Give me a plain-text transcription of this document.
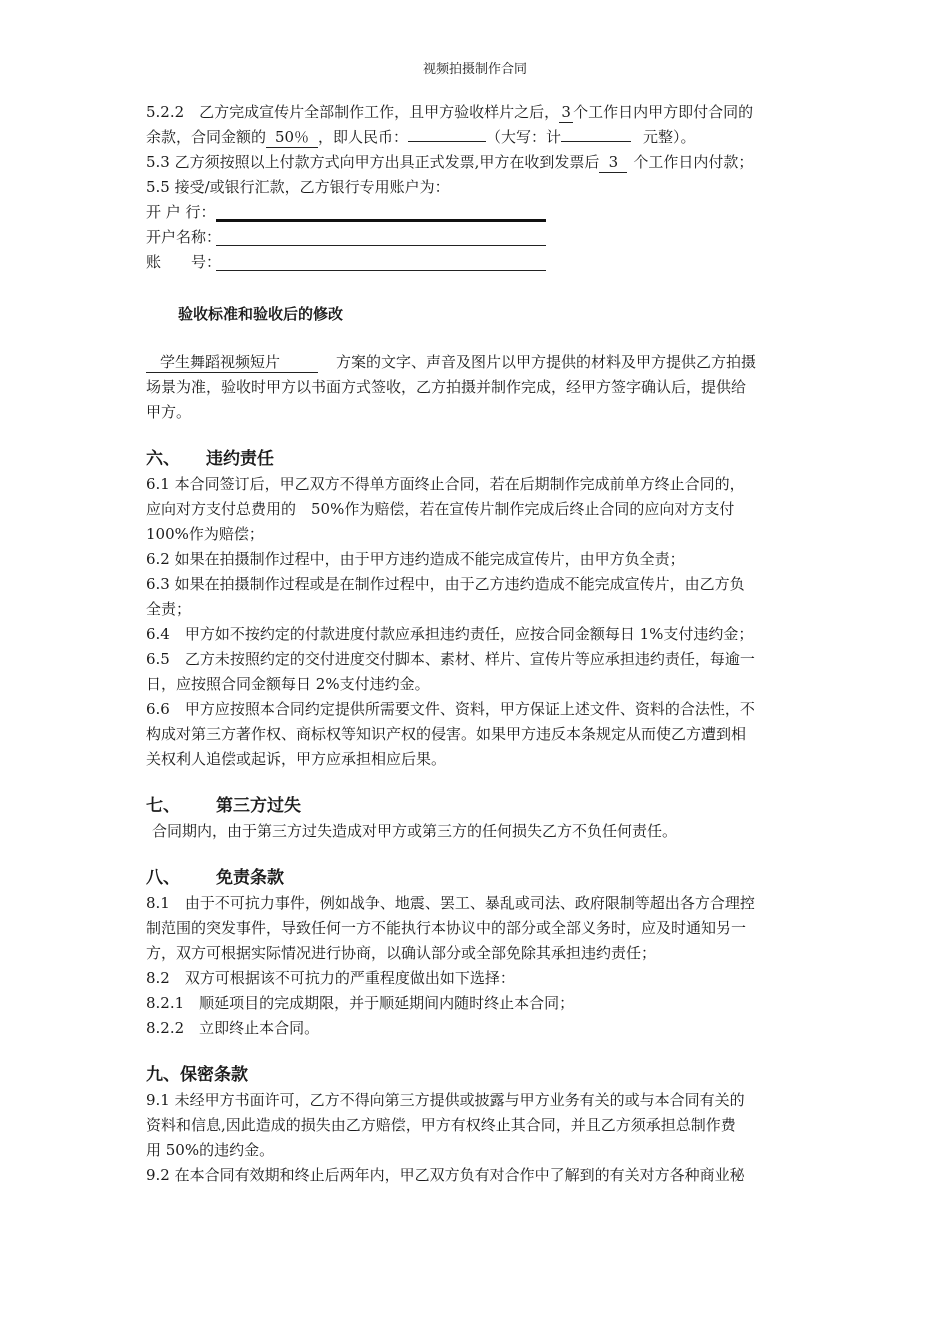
视频拍摄制作合同
5.2.2　乙方完成宣传片全部制作工作，且甲方验收样片之后， 3 个工作日内甲方即付合同的
余款，合同金额的 50％ ，即人民币：	（大写：计	元整）。
5.3 乙方须按照以上付款方式向甲方出具正式发票,甲方在收到发票后 3 个工作日内付款；
5.5 接受/或银行汇款，乙方银行专用账户为：
开 户 行：
开户名称：
账　　号：
验收标准和验收后的修改
学生舞蹈视频短片	方案的文字、声音及图片以甲方提供的材料及甲方提供乙方拍摄
场景为准，验收时甲方以书面方式签收，乙方拍摄并制作完成，经甲方签字确认后，提供给
甲方。
六、 违约责任
6.1 本合同签订后，甲乙双方不得单方面终止合同，若在后期制作完成前单方终止合同的，
应向对方支付总费用的　50%作为赔偿，若在宣传片制作完成后终止合同的应向对方支付
100%作为赔偿；
6.2 如果在拍摄制作过程中，由于甲方违约造成不能完成宣传片，由甲方负全责；
6.3 如果在拍摄制作过程或是在制作过程中，由于乙方违约造成不能完成宣传片，由乙方负
全责；
6.4　甲方如不按约定的付款进度付款应承担违约责任，应按合同金额每日 1%支付违约金；
6.5　乙方未按照约定的交付进度交付脚本、素材、样片、宣传片等应承担违约责任，每逾一
日，应按照合同金额每日 2%支付违约金。
6.6　甲方应按照本合同约定提供所需要文件、资料，甲方保证上述文件、资料的合法性，不
构成对第三方著作权、商标权等知识产权的侵害。如果甲方违反本条规定从而使乙方遭到相
关权利人追偿或起诉，甲方应承担相应后果。
七、 第三方过失
合同期内，由于第三方过失造成对甲方或第三方的任何损失乙方不负任何责任。
八、 免责条款
8.1　由于不可抗力事件，例如战争、地震、罢工、暴乱或司法、政府限制等超出各方合理控
制范围的突发事件，导致任何一方不能执行本协议中的部分或全部义务时，应及时通知另一
方，双方可根据实际情况进行协商，以确认部分或全部免除其承担违约责任；
8.2　双方可根据该不可抗力的严重程度做出如下选择：
8.2.1　顺延项目的完成期限，并于顺延期间内随时终止本合同；
8.2.2　立即终止本合同。
九、保密条款
9.1 未经甲方书面许可，乙方不得向第三方提供或披露与甲方业务有关的或与本合同有关的
资料和信息,因此造成的损失由乙方赔偿，甲方有权终止其合同，并且乙方须承担总制作费
用 50%的违约金。
9.2 在本合同有效期和终止后两年内，甲乙双方负有对合作中了解到的有关对方各种商业秘
